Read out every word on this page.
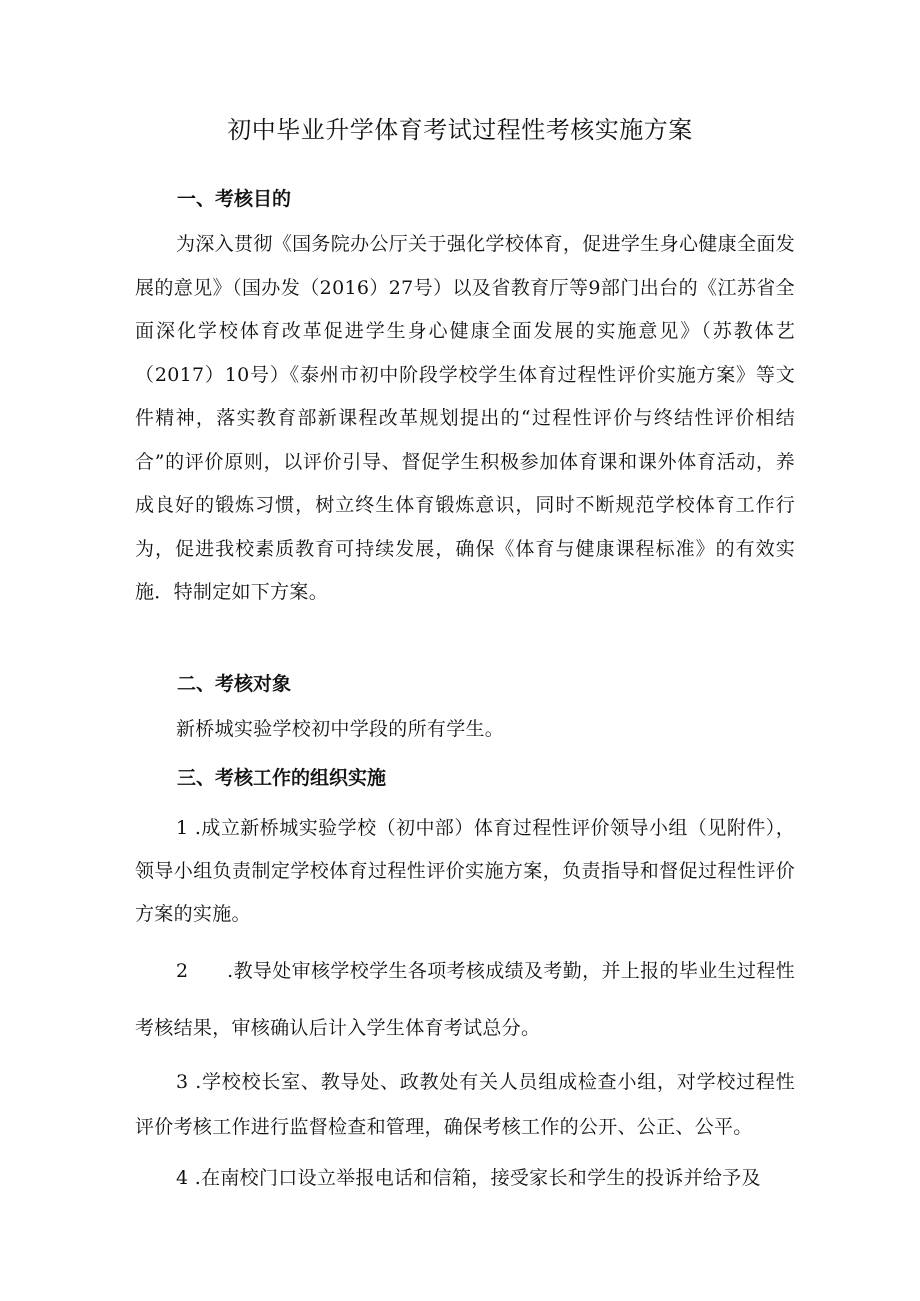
初中毕业升学体育考试过程性考核实施方案
一、考核目的
为深入贯彻《国务院办公厅关于强化学校体育，促进学生身心健康全面发展的意见》（国办发（2016）27号）以及省教育厅等9部门出台的《江苏省全面深化学校体育改革促进学生身心健康全面发展的实施意见》（苏教体艺（2017）10号）《泰州市初中阶段学校学生体育过程性评价实施方案》等文件精神，落实教育部新课程改革规划提出的“过程性评价与终结性评价相结合”的评价原则，以评价引导、督促学生积极参加体育课和课外体育活动，养成良好的锻炼习惯，树立终生体育锻炼意识，同时不断规范学校体育工作行为，促进我校素质教育可持续发展，确保《体育与健康课程标准》的有效实施．特制定如下方案。
二、考核对象
新桥城实验学校初中学段的所有学生。
三、考核工作的组织实施
1 .成立新桥城实验学校（初中部）体育过程性评价领导小组（见附件），领导小组负责制定学校体育过程性评价实施方案，负责指导和督促过程性评价方案的实施。
2　　.教导处审核学校学生各项考核成绩及考勤，并上报的毕业生过程性考核结果，审核确认后计入学生体育考试总分。
3 .学校校长室、教导处、政教处有关人员组成检查小组，对学校过程性评价考核工作进行监督检查和管理，确保考核工作的公开、公正、公平。
4 .在南校门口设立举报电话和信箱，接受家长和学生的投诉并给予及
